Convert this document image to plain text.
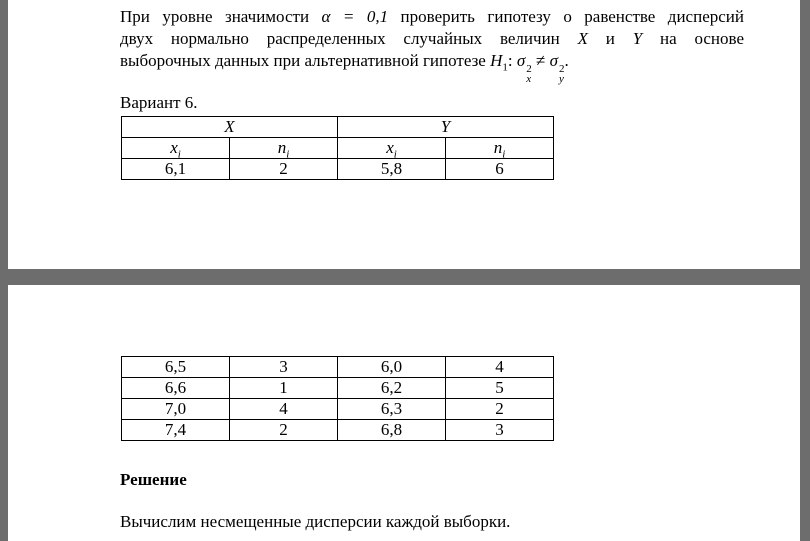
При уровне значимости α = 0,1 проверить гипотезу о равенстве дисперсий
двух нормально распределенных случайных величин X и Y на основе
выборочных данных при альтернативной гипотезе $H_1$: σ 2
x
≠ σ 2
y
.
Вариант 6.
X		Y	
$x_i$	$n_i$	$x_i$	$n_i$
6,1	2	5,8	6
6,5	3	6,0	4
6,6	1	6,2	5
7,0	4	6,3	2
7,4	2	6,8	3
Решение
Вычислим несмещенные дисперсии каждой выборки.
